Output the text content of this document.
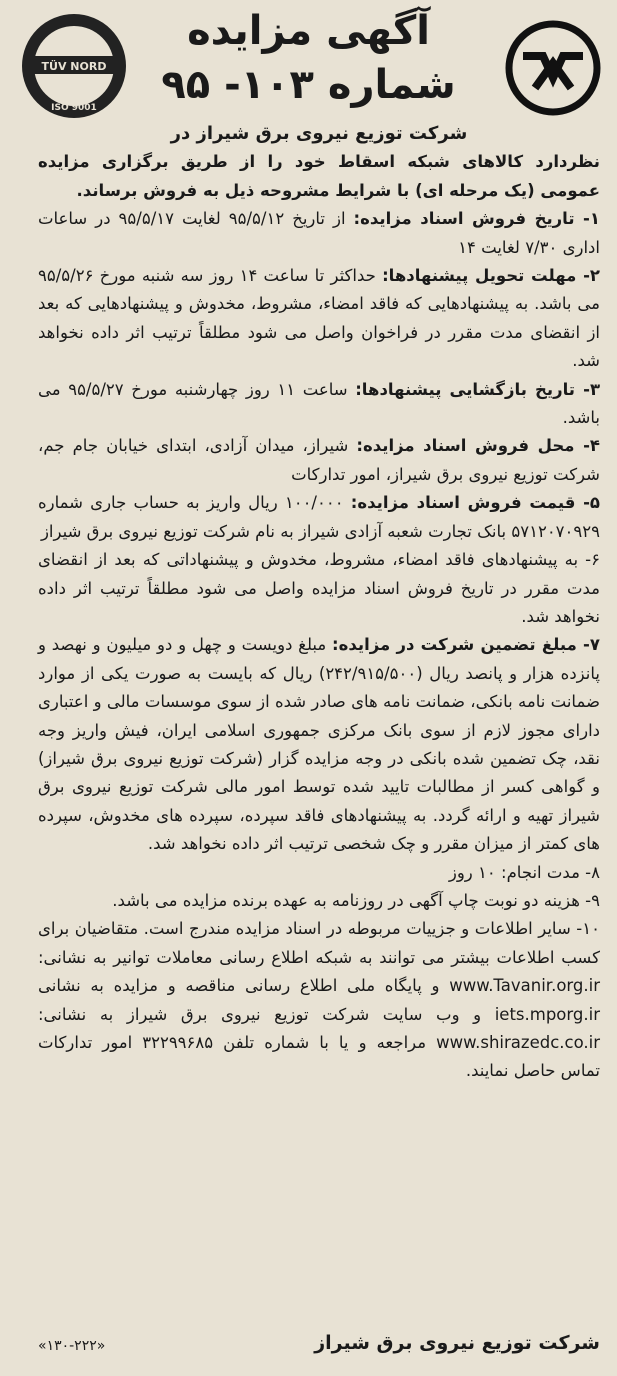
TÜV NORD
ISO 9001
آگهی مزایده
شماره ۱۰۳- ۹۵

شرکت توزیع نیروی برق شیراز در

نظردارد کالاهای شبکه اسقاط خود را از طریق برگزاری مزایده عمومی (یک مرحله ای) با شرایط مشروحه ذیل به فروش برساند.

۱- تاریخ فروش اسناد مزایده: از تاریخ ۹۵/۵/۱۲ لغایت ۹۵/۵/۱۷ در ساعات اداری ۷/۳۰ لغایت ۱۴

۲- مهلت تحویل پیشنهادها: حداکثر تا ساعت ۱۴ روز سه شنبه مورخ ۹۵/۵/۲۶ می باشد. به پیشنهادهایی که فاقد امضاء، مشروط، مخدوش و پیشنهادهایی که بعد از انقضای مدت مقرر در فراخوان واصل می شود مطلقاً ترتیب اثر داده نخواهد شد.

۳- تاریخ بازگشایی پیشنهادها: ساعت ۱۱ روز چهارشنبه مورخ ۹۵/۵/۲۷ می باشد.

۴- محل فروش اسناد مزایده: شیراز، میدان آزادی، ابتدای خیابان جام جم، شرکت توزیع نیروی برق شیراز، امور تدارکات

۵- قیمت فروش اسناد مزایده: ۱۰۰/۰۰۰ ریال واریز به حساب جاری شماره ۵۷۱۲۰۷۰۹۲۹ بانک تجارت شعبه آزادی شیراز به نام شرکت توزیع نیروی برق شیراز

۶- به پیشنهادهای فاقد امضاء، مشروط، مخدوش و پیشنهاداتی که بعد از انقضای مدت مقرر در تاریخ فروش اسناد مزایده واصل می شود مطلقاً ترتیب اثر داده نخواهد شد.

۷- مبلغ تضمین شرکت در مزایده: مبلغ دویست و چهل و دو میلیون و نهصد و پانزده هزار و پانصد ریال (۲۴۲/۹۱۵/۵۰۰) ریال که بایست به صورت یکی از موارد ضمانت نامه بانکی، ضمانت نامه های صادر شده از سوی موسسات مالی و اعتباری دارای مجوز لازم از سوی بانک مرکزی جمهوری اسلامی ایران، فیش واریز وجه نقد، چک تضمین شده بانکی در وجه مزایده گزار (شرکت توزیع نیروی برق شیراز) و گواهی کسر از مطالبات تایید شده توسط امور مالی شرکت توزیع نیروی برق شیراز تهیه و ارائه گردد. به پیشنهادهای فاقد سپرده، سپرده های مخدوش، سپرده های کمتر از میزان مقرر و چک شخصی ترتیب اثر داده نخواهد شد.

۸- مدت انجام: ۱۰ روز

۹- هزینه دو نوبت چاپ آگهی در روزنامه به عهده برنده مزایده می باشد.

۱۰- سایر اطلاعات و جزییات مربوطه در اسناد مزایده مندرج است. متقاضیان برای کسب اطلاعات بیشتر می توانند به شبکه اطلاع رسانی معاملات توانیر به نشانی: www.Tavanir.org.ir و پایگاه ملی اطلاع رسانی مناقصه و مزایده به نشانی iets.mporg.ir و وب سایت شرکت توزیع نیروی برق شیراز به نشانی: www.shirazedc.co.ir مراجعه و یا با شماره تلفن ۳۲۲۹۹۶۸۵ امور تدارکات تماس حاصل نمایند.

شرکت توزیع نیروی برق شیراز
«۱۳۰-۲۲۲»
